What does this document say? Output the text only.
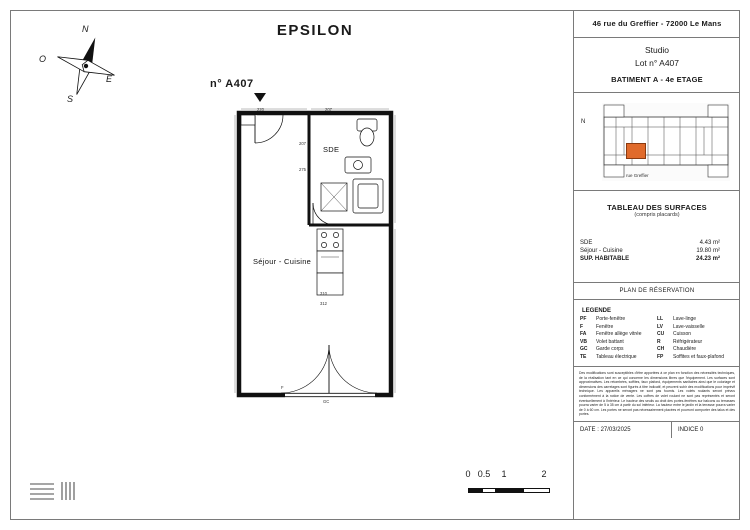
EPSILON
N
S
E
O
n° A407
Séjour - Cuisine
SDE
220	207
207
275
310
312
F
GC
0 0.5 1	2
46 rue du Greffier - 72000 Le Mans
Studio
Lot n° A407
BATIMENT A - 4e ETAGE
N
rue Greffier
TABLEAU DES SURFACES
(compris placards)
SDE	4.43 m²
Séjour - Cuisine	19.80 m²
SUP. HABITABLE	24.23 m²
PLAN DE RÉSERVATION
LEGENDE
PF	Porte-fenêtre
F	Fenêtre
FA	Fenêtre allège vitrée
VB	Volet battant
GC	Garde corps
TE	Tableau électrique
LL	Lave-linge
LV	Lave-vaisselle
CU	Cuisson
R	Réfrigérateur
CH	Chaudière
FP	Soffites et faux-plafond
Des modifications sont susceptibles d'être apportées à ce plan en fonction des nécessités techniques, de la réalisation tant en ce qui concerne les dimensions libres que l'équipement. Les surfaces sont approximatives. Les retombées, soffites, faux plafond, équipements sanitaires ainsi que le coloriage et dimensions des carrelages sont figurés à titre indicatif, et peuvent subir des modifications pour imprévif technique. Les appareils ménagers ne sont pas fournis. Les volets roulants seront prévus conformément à la notice de vente. Les coffres de volet roulant ne sont pas représentés et seront éventuellement à l'intérieur. Le hauteur des seuils au droit des portes-fenêtres sur balcons ou terrasses pourra varier de 5 à 35 cm à partir du sol intérieur. La hauteur entre le jardin et la terrasse pourra varier de 0 à 60 cm. Les portes ne seront pas nécessairement placées et pourront comporter des talus et des portes.
DATE : 27/03/2025	INDICE 0
